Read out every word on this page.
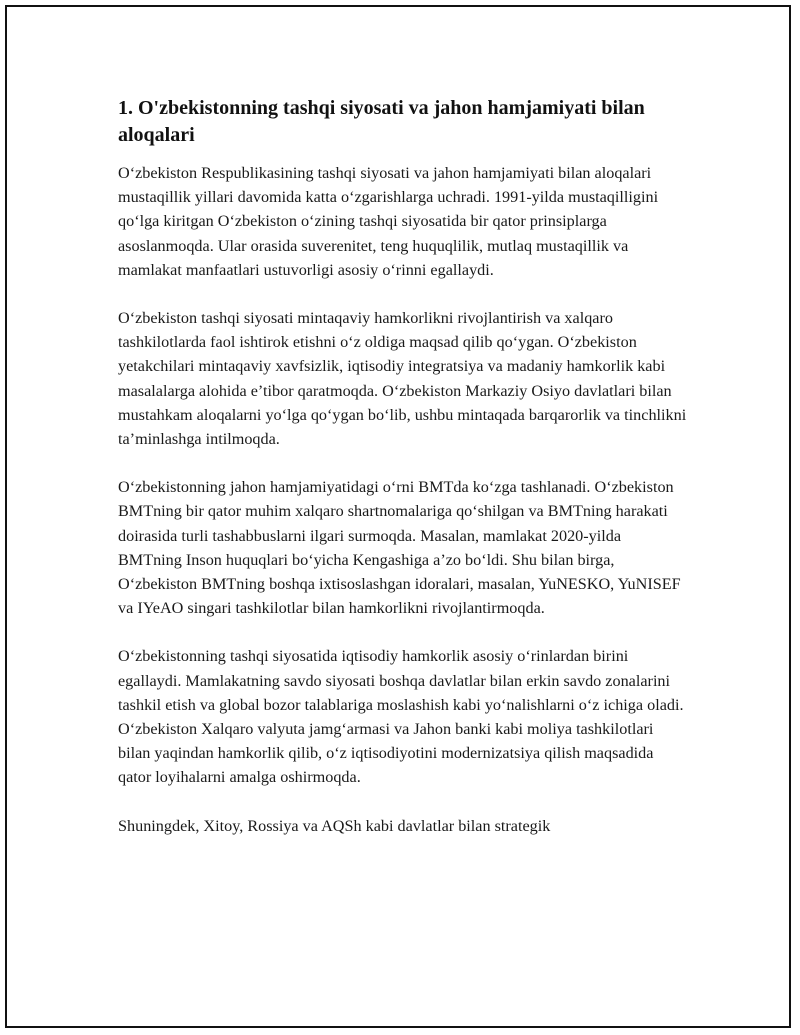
1. O'zbekistonning tashqi siyosati va jahon hamjamiyati bilan aloqalari

O‘zbekiston Respublikasining tashqi siyosati va jahon hamjamiyati bilan aloqalari mustaqillik yillari davomida katta o‘zgarishlarga uchradi. 1991-yilda mustaqilligini qo‘lga kiritgan O‘zbekiston o‘zining tashqi siyosatida bir qator prinsiplarga asoslanmoqda. Ular orasida suverenitet, teng huquqlilik, mutlaq mustaqillik va mamlakat manfaatlari ustuvorligi asosiy o‘rinni egallaydi.

O‘zbekiston tashqi siyosati mintaqaviy hamkorlikni rivojlantirish va xalqaro tashkilotlarda faol ishtirok etishni o‘z oldiga maqsad qilib qo‘ygan. O‘zbekiston yetakchilari mintaqaviy xavfsizlik, iqtisodiy integratsiya va madaniy hamkorlik kabi masalalarga alohida e’tibor qaratmoqda. O‘zbekiston Markaziy Osiyo davlatlari bilan mustahkam aloqalarni yo‘lga qo‘ygan bo‘lib, ushbu mintaqada barqarorlik va tinchlikni ta’minlashga intilmoqda.

O‘zbekistonning jahon hamjamiyatidagi o‘rni BMTda ko‘zga tashlanadi. O‘zbekiston BMTning bir qator muhim xalqaro shartnomalariga qo‘shilgan va BMTning harakati doirasida turli tashabbuslarni ilgari surmoqda. Masalan, mamlakat 2020-yilda BMTning Inson huquqlari bo‘yicha Kengashiga a’zo bo‘ldi. Shu bilan birga, O‘zbekiston BMTning boshqa ixtisoslashgan idoralari, masalan, YuNESKO, YuNISEF va IYeAO singari tashkilotlar bilan hamkorlikni rivojlantirmoqda.

O‘zbekistonning tashqi siyosatida iqtisodiy hamkorlik asosiy o‘rinlardan birini egallaydi. Mamlakatning savdo siyosati boshqa davlatlar bilan erkin savdo zonalarini tashkil etish va global bozor talablariga moslashish kabi yo‘nalishlarni o‘z ichiga oladi. O‘zbekiston Xalqaro valyuta jamg‘armasi va Jahon banki kabi moliya tashkilotlari bilan yaqindan hamkorlik qilib, o‘z iqtisodiyotini modernizatsiya qilish maqsadida qator loyihalarni amalga oshirmoqda.

Shuningdek, Xitoy, Rossiya va AQSh kabi davlatlar bilan strategik
